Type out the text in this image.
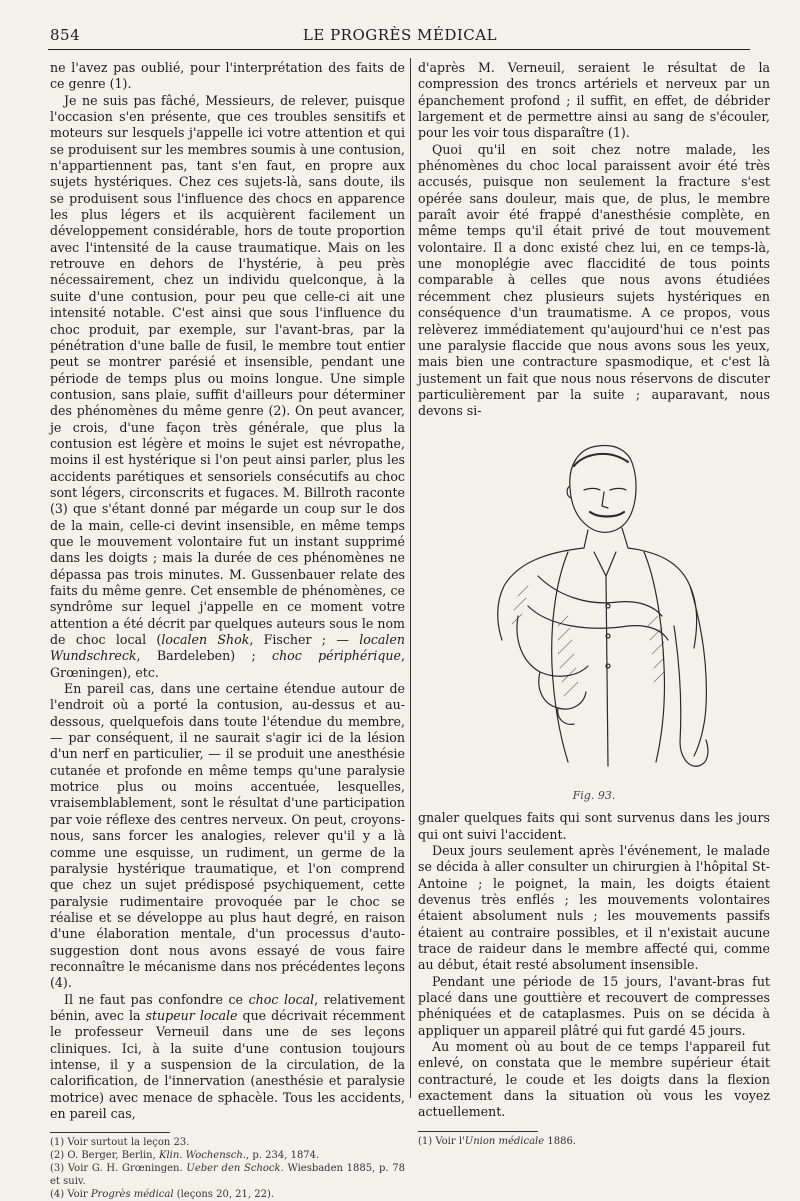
854	LE PROGRÈS MÉDICAL

ne l'avez pas oublié, pour l'interprétation des faits de ce genre (1).

Je ne suis pas fâché, Messieurs, de relever, puisque l'occasion s'en présente, que ces troubles sensitifs et moteurs sur lesquels j'appelle ici votre attention et qui se produisent sur les membres soumis à une contusion, n'appartiennent pas, tant s'en faut, en propre aux sujets hystériques. Chez ces sujets-là, sans doute, ils se produisent sous l'influence des chocs en apparence les plus légers et ils acquièrent facilement un développement considérable, hors de toute proportion avec l'intensité de la cause traumatique. Mais on les retrouve en dehors de l'hystérie, à peu près nécessairement, chez un individu quelconque, à la suite d'une contusion, pour peu que celle-ci ait une intensité notable. C'est ainsi que sous l'influence du choc produit, par exemple, sur l'avant-bras, par la pénétration d'une balle de fusil, le membre tout entier peut se montrer parésié et insensible, pendant une période de temps plus ou moins longue. Une simple contusion, sans plaie, suffit d'ailleurs pour déterminer des phénomènes du même genre (2). On peut avancer, je crois, d'une façon très générale, que plus la contusion est légère et moins le sujet est névropathe, moins il est hystérique si l'on peut ainsi parler, plus les accidents parétiques et sensoriels consécutifs au choc sont légers, circonscrits et fugaces. M. Billroth raconte (3) que s'étant donné par mégarde un coup sur le dos de la main, celle-ci devint insensible, en même temps que le mouvement volontaire fut un instant supprimé dans les doigts ; mais la durée de ces phénomènes ne dépassa pas trois minutes. M. Gussenbauer relate des faits du même genre. Cet ensemble de phénomènes, ce syndrôme sur lequel j'appelle en ce moment votre attention a été décrit par quelques auteurs sous le nom de choc local (localen Shok, Fischer ; — localen Wundschreck, Bardeleben) ; choc périphérique, Grœningen), etc.

En pareil cas, dans une certaine étendue autour de l'endroit où a porté la contusion, au-dessus et au-dessous, quelquefois dans toute l'étendue du membre, — par conséquent, il ne saurait s'agir ici de la lésion d'un nerf en particulier, — il se produit une anesthésie cutanée et profonde en même temps qu'une paralysie motrice plus ou moins accentuée, lesquelles, vraisemblablement, sont le résultat d'une participation par voie réflexe des centres nerveux. On peut, croyons-nous, sans forcer les analogies, relever qu'il y a là comme une esquisse, un rudiment, un germe de la paralysie hystérique traumatique, et l'on comprend que chez un sujet prédisposé psychiquement, cette paralysie rudimentaire provoquée par le choc se réalise et se développe au plus haut degré, en raison d'une élaboration mentale, d'un processus d'auto-suggestion dont nous avons essayé de vous faire reconnaître le mécanisme dans nos précédentes leçons (4).

Il ne faut pas confondre ce choc local, relativement bénin, avec la stupeur locale que décrivait récemment le professeur Verneuil dans une de ses leçons cliniques. Ici, à la suite d'une contusion toujours intense, il y a suspension de la circulation, de la calorification, de l'innervation (anesthésie et paralysie motrice) avec menace de sphacèle. Tous les accidents, en pareil cas,

(1) Voir surtout la leçon 23.

(2) O. Berger, Berlin, Klin. Wochensch., p. 234, 1874.

(3) Voir G. H. Grœningen. Ueber den Schock. Wiesbaden 1885, p. 78 et suiv.

(4) Voir Progrès médical (leçons 20, 21, 22).

d'après M. Verneuil, seraient le résultat de la compression des troncs artériels et nerveux par un épanchement profond ; il suffit, en effet, de débrider largement et de permettre ainsi au sang de s'écouler, pour les voir tous disparaître (1).

Quoi qu'il en soit chez notre malade, les phénomènes du choc local paraissent avoir été très accusés, puisque non seulement la fracture s'est opérée sans douleur, mais que, de plus, le membre paraît avoir été frappé d'anesthésie complète, en même temps qu'il était privé de tout mouvement volontaire. Il a donc existé chez lui, en ce temps-là, une monoplégie avec flaccidité de tous points comparable à celles que nous avons étudiées récemment chez plusieurs sujets hystériques en conséquence d'un traumatisme. A ce propos, vous relèverez immédiatement qu'aujourd'hui ce n'est pas une paralysie flaccide que nous avons sous les yeux, mais bien une contracture spasmodique, et c'est là justement un fait que nous nous réservons de discuter particulièrement par la suite ; auparavant, nous devons si-

Fig. 93.

gnaler quelques faits qui sont survenus dans les jours qui ont suivi l'accident.

Deux jours seulement après l'événement, le malade se décida à aller consulter un chirurgien à l'hôpital St-Antoine ; le poignet, la main, les doigts étaient devenus très enflés ; les mouvements volontaires étaient absolument nuls ; les mouvements passifs étaient au contraire possibles, et il n'existait aucune trace de raideur dans le membre affecté qui, comme au début, était resté absolument insensible.

Pendant une période de 15 jours, l'avant-bras fut placé dans une gouttière et recouvert de compresses phéniquées et de cataplasmes. Puis on se décida à appliquer un appareil plâtré qui fut gardé 45 jours.

Au moment où au bout de ce temps l'appareil fut enlevé, on constata que le membre supérieur était contracturé, le coude et les doigts dans la flexion exactement dans la situation où vous les voyez actuellement.

(1) Voir l'Union médicale 1886.
